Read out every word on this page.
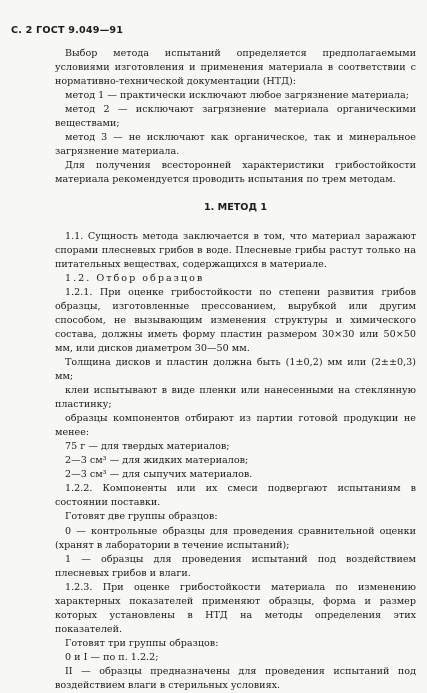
С. 2 ГОСТ 9.049—91

Выбор метода испытаний определяется предполагаемыми условиями изготовления и применения материала в соответствии с нормативно-технической документации (НТД):

метод 1 — практически исключают любое загрязнение материала;

метод 2 — исключают загрязнение материала органическими веществами;

метод 3 — не исключают как органическое, так и минеральное загрязнение материала.

Для получения всесторонней характеристики грибостойкости материала рекомендуется проводить испытания по трем методам.

1. МЕТОД 1

1.1. Сущность метода заключается в том, что материал заражают спорами плесневых грибов в воде. Плесневые грибы растут только на питательных веществах, содержащихся в материале.

1.2. Отбор образцов

1.2.1. При оценке грибостойкости по степени развития грибов образцы, изготовленные прессованием, вырубкой или другим способом, не вызывающим изменения структуры и химического состава, должны иметь форму пластин размером 30×30 или 50×50 мм, или дисков диаметром 30—50 мм.

Толщина дисков и пластин должна быть (1±0,2) мм или (2±±0,3) мм;

клеи испытывают в виде пленки или нанесенными на стеклянную пластинку;

образцы компонентов отбирают из партии готовой продукции не менее:

75 г — для твердых материалов;

2—3 см³ — для жидких материалов;

2—3 см³ — для сыпучих материалов.

1.2.2. Компоненты или их смеси подвергают испытаниям в состоянии поставки.

Готовят две группы образцов:

0 — контрольные образцы для проведения сравнительной оценки (хранят в лаборатории в течение испытаний);

1 — образцы для проведения испытаний под воздействием плесневых грибов и влаги.

1.2.3. При оценке грибостойкости материала по изменению характерных показателей применяют образцы, форма и размер которых установлены в НТД на методы определения этих показателей.

Готовят три группы образцов:

0 и I — по п. 1.2.2;

II — образцы предназначены для проведения испытаний под воздействием влаги в стерильных условиях.
